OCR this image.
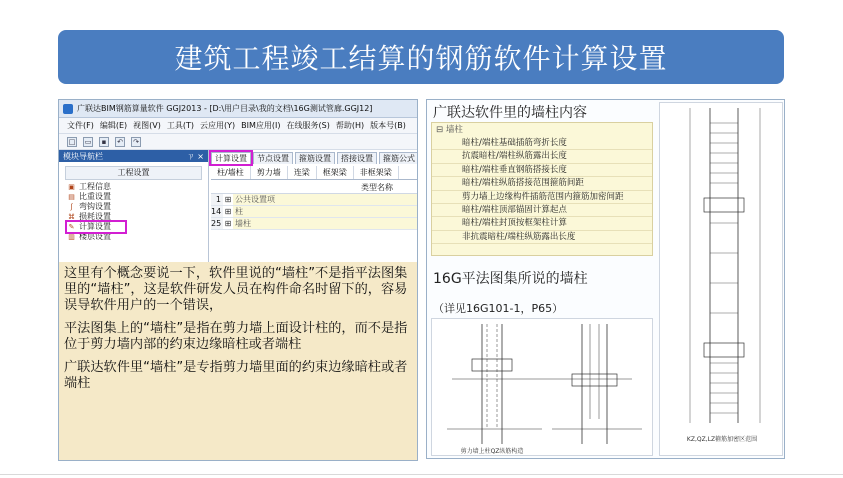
建筑工程竣工结算的钢筋软件计算设置
广联达BIM钢筋算量软件 GGJ2013 - [D:\用户目录\我的文档\16G测试管廊.GGJ12]
文件(F) 编辑(E) 视图(V) 工具(T) 云应用(Y) BIM应用(I) 在线服务(S) 帮助(H) 版本号(B)
□ ▭	▪	↶ ↷
模块导航栏	ㄗ ×
工程设置
▣ 工程信息
▤ 比重设置
ʃ 弯钩设置
⌘ 损耗设置
✎ 计算设置
▥ 楼层设置
计算设置	节点设置	箍筋设置	搭接设置	箍筋公式
柱/墙柱	剪力墙	连梁	框架梁	非框架梁
类型名称
1 ⊞ 公共设置项
14 ⊞ 柱
25 ⊞ 墙柱

这里有个概念要说一下，软件里说的“墙柱”不是指平法图集里的“墙柱”，这是软件研发人员在构件命名时留下的，容易误导软件用户的一个错误，

平法图集上的“墙柱”是指在剪力墙上面设计柱的，而不是指位于剪力墙内部的约束边缘暗柱或者端柱

广联达软件里“墙柱”是专指剪力墙里面的约束边缘暗柱或者端柱

广联达软件里的墙柱内容
⊟ 墙柱
暗柱/端柱基础插筋弯折长度
抗震暗柱/端柱纵筋露出长度
暗柱/端柱垂直钢筋搭接长度
暗柱/端柱纵筋搭接范围箍筋间距
剪力墙上边缘构件插筋范围内箍筋加密间距
暗柱/端柱顶部锚固计算起点
暗柱/端柱封顶按框架柱计算
非抗震暗柱/端柱纵筋露出长度
16G平法图集所说的墙柱
（详见16G101-1，P65）
剪力墙上柱QZ纵筋构造
KZ,QZ,LZ箍筋加密区范围
